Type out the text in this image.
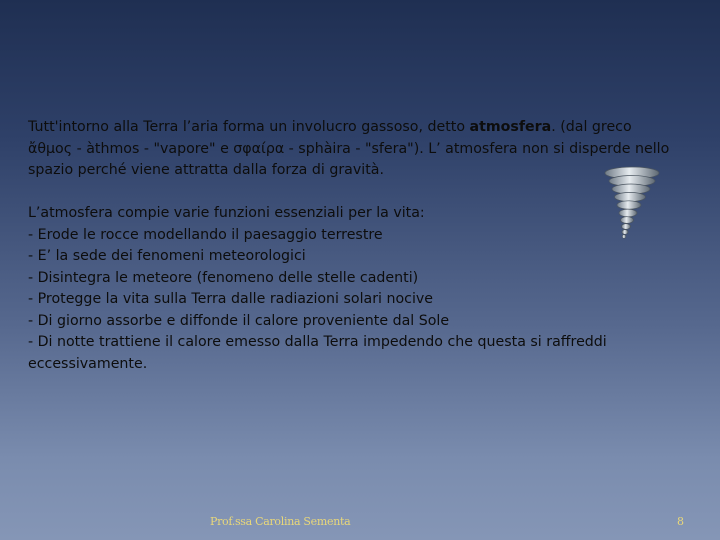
Tutt'intorno alla Terra l’aria forma un involucro gassoso, detto atmosfera. (dal greco
ἄθμος - àthmos - "vapore" e σφαίρα - sphàira - "sfera"). L’ atmosfera non si disperde nello
spazio perché viene attratta dalla forza di gravità.

L’atmosfera compie varie funzioni essenziali per la vita:
- Erode le rocce modellando il paesaggio terrestre
- E’ la sede dei fenomeni meteorologici
- Disintegra le meteore (fenomeno delle stelle cadenti)
- Protegge la vita sulla Terra dalle radiazioni solari nocive
- Di giorno assorbe e diffonde il calore proveniente dal Sole
- Di notte trattiene il calore emesso dalla Terra impedendo che questa si raffreddi
eccessivamente.

Prof.ssa Carolina Sementa	8
